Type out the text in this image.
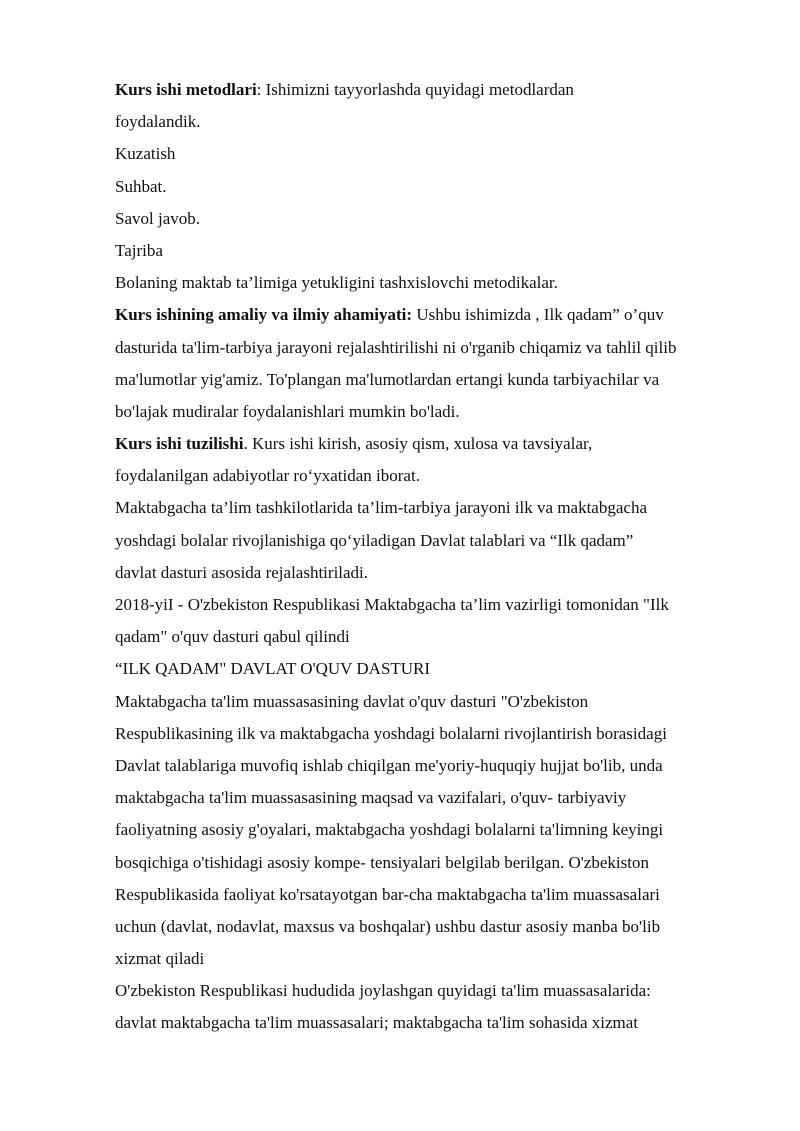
Kurs ishi metodlari: Ishimizni tayyorlashda quyidagi metodlardan
foydalandik.
Kuzatish
Suhbat.
Savol javob.
Tajriba
Bolaning maktab ta’limiga yetukligini tashxislovchi metodikalar.
Kurs ishining amaliy va ilmiy ahamiyati: Ushbu ishimizda , Ilk qadam” o’quv
dasturida ta'lim-tarbiya jarayoni rejalashtirilishi ni o'rganib chiqamiz va tahlil qilib
ma'lumotlar yig'amiz. To'plangan ma'lumotlardan ertangi kunda tarbiyachilar va
bo'lajak mudiralar foydalanishlari mumkin bo'ladi.
Kurs ishi tuzilishi. Kurs ishi kirish, asosiy qism, xulosa va tavsiyalar,
foydalanilgan adabiyotlar ro‘yxatidan iborat.
Maktabgacha ta’lim tashkilotlarida ta’lim-tarbiya jarayoni ilk va maktabgacha
yoshdagi bolalar rivojlanishiga qo‘yiladigan Davlat talablari va “Ilk qadam”
davlat dasturi asosida rejalashtiriladi.
2018-yiI - O'zbekiston Respublikasi Maktabgacha ta’lim vazirligi tomonidan "Ilk
qadam" o'quv dasturi qabul qilindi
“ILK QADAM" DAVLAT O'QUV DASTURI
Maktabgacha ta'lim muassasasining davlat o'quv dasturi "O'zbekiston
Respublikasining ilk va maktabgacha yoshdagi bolalarni rivojlantirish borasidagi
Davlat talablariga muvofiq ishlab chiqilgan me'yoriy-huquqiy hujjat bo'lib, unda
maktabgacha ta'lim muassasasining maqsad va vazifalari, o'quv- tarbiyaviy
faoliyatning asosiy g'oyalari, maktabgacha yoshdagi bolalarni ta'limning keyingi
bosqichiga o'tishidagi asosiy kompe- tensiyalari belgilab berilgan. O'zbekiston
Respublikasida faoliyat ko'rsatayotgan bar-cha maktabgacha ta'lim muassasalari
uchun (davlat, nodavlat, maxsus va boshqalar) ushbu dastur asosiy manba bo'lib
xizmat qiladi
O'zbekiston Respublikasi hududida joylashgan quyidagi ta'lim muassasalarida:
davlat maktabgacha ta'lim muassasalari; maktabgacha ta'lim sohasida xizmat
